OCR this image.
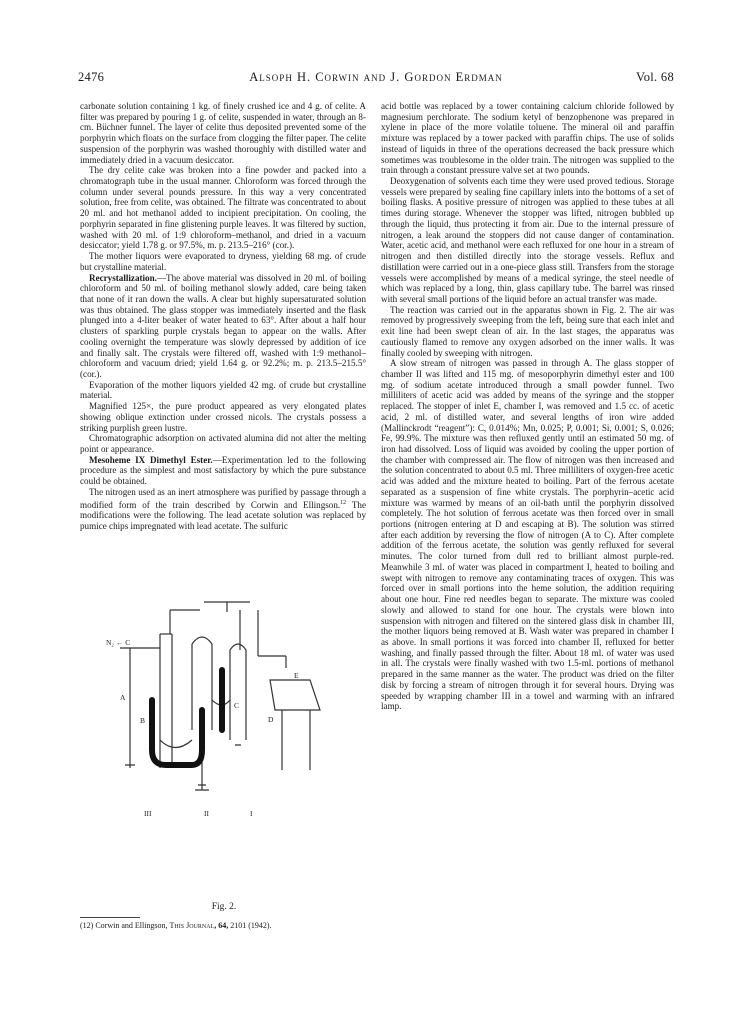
2476	Alsoph H. Corwin and J. Gordon Erdman	Vol. 68

carbonate solution containing 1 kg. of finely crushed ice and 4 g. of celite. A filter was prepared by pouring 1 g. of celite, suspended in water, through an 8-cm. Büchner funnel. The layer of celite thus deposited prevented some of the porphyrin which floats on the surface from clogging the filter paper. The celite suspension of the porphyrin was washed thoroughly with distilled water and immediately dried in a vacuum desiccator.

The dry celite cake was broken into a fine powder and packed into a chromatograph tube in the usual manner. Chloroform was forced through the column under several pounds pressure. In this way a very concentrated solution, free from celite, was obtained. The filtrate was concentrated to about 20 ml. and hot methanol added to incipient precipitation. On cooling, the porphyrin separated in fine glistening purple leaves. It was filtered by suction, washed with 20 ml. of 1:9 chloroform–methanol, and dried in a vacuum desiccator; yield 1.78 g. or 97.5%, m. p. 213.5–216° (cor.).

The mother liquors were evaporated to dryness, yielding 68 mg. of crude but crystalline material.

Recrystallization.—The above material was dissolved in 20 ml. of boiling chloroform and 50 ml. of boiling methanol slowly added, care being taken that none of it ran down the walls. A clear but highly supersaturated solution was thus obtained. The glass stopper was immediately inserted and the flask plunged into a 4-liter beaker of water heated to 63°. After about a half hour clusters of sparkling purple crystals began to appear on the walls. After cooling overnight the temperature was slowly depressed by addition of ice and finally salt. The crystals were filtered off, washed with 1:9 methanol–chloroform and vacuum dried; yield 1.64 g. or 92.2%; m. p. 213.5–215.5° (cor.).

Evaporation of the mother liquors yielded 42 mg. of crude but crystalline material.

Magnified 125×, the pure product appeared as very elongated plates showing oblique extinction under crossed nicols. The crystals possess a striking purplish green lustre.

Chromatographic adsorption on activated alumina did not alter the melting point or appearance.

Mesoheme IX Dimethyl Ester.—Experimentation led to the following procedure as the simplest and most satisfactory by which the pure substance could be obtained.

The nitrogen used as an inert atmosphere was purified by passage through a modified form of the train described by Corwin and Ellingson.$^{12}$ The modifications were the following. The lead acetate solution was replaced by pumice chips impregnated with lead acetate. The sulfuric

acid bottle was replaced by a tower containing calcium chloride followed by magnesium perchlorate. The sodium ketyl of benzophenone was prepared in xylene in place of the more volatile toluene. The mineral oil and paraffin mixture was replaced by a tower packed with paraffin chips. The use of solids instead of liquids in three of the operations decreased the back pressure which sometimes was troublesome in the older train. The nitrogen was supplied to the train through a constant pressure valve set at two pounds.

Deoxygenation of solvents each time they were used proved tedious. Storage vessels were prepared by sealing fine capillary inlets into the bottoms of a set of boiling flasks. A positive pressure of nitrogen was applied to these tubes at all times during storage. Whenever the stopper was lifted, nitrogen bubbled up through the liquid, thus protecting it from air. Due to the internal pressure of nitrogen, a leak around the stoppers did not cause danger of contamination. Water, acetic acid, and methanol were each refluxed for one hour in a stream of nitrogen and then distilled directly into the storage vessels. Reflux and distillation were carried out in a one-piece glass still. Transfers from the storage vessels were accomplished by means of a medical syringe, the steel needle of which was replaced by a long, thin, glass capillary tube. The barrel was rinsed with several small portions of the liquid before an actual transfer was made.

The reaction was carried out in the apparatus shown in Fig. 2. The air was removed by progressively sweeping from the left, being sure that each inlet and exit line had been swept clean of air. In the last stages, the apparatus was cautiously flamed to remove any oxygen adsorbed on the inner walls. It was finally cooled by sweeping with nitrogen.

A slow stream of nitrogen was passed in through A. The glass stopper of chamber II was lifted and 115 mg. of mesoporphyrin dimethyl ester and 100 mg. of sodium acetate introduced through a small powder funnel. Two milliliters of acetic acid was added by means of the syringe and the stopper replaced. The stopper of inlet E, chamber I, was removed and 1.5 cc. of acetic acid, 2 ml. of distilled water, and several lengths of iron wire added (Mallinckrodt “reagent”): C, 0.014%; Mn, 0.025; P, 0.001; Si, 0.001; S, 0.026; Fe, 99.9%. The mixture was then refluxed gently until an estimated 50 mg. of iron had dissolved. Loss of liquid was avoided by cooling the upper portion of the chamber with compressed air. The flow of nitrogen was then increased and the solution concentrated to about 0.5 ml. Three milliliters of oxygen-free acetic acid was added and the mixture heated to boiling. Part of the ferrous acetate separated as a suspension of fine white crystals. The porphyrin–acetic acid mixture was warmed by means of an oil-bath until the porphyrin dissolved completely. The hot solution of ferrous acetate was then forced over in small portions (nitrogen entering at D and escaping at B). The solution was stirred after each addition by reversing the flow of nitrogen (A to C). After complete addition of the ferrous acetate, the solution was gently refluxed for several minutes. The color turned from dull red to brilliant almost purple-red. Meanwhile 3 ml. of water was placed in compartment I, heated to boiling and swept with nitrogen to remove any contaminating traces of oxygen. This was forced over in small portions into the heme solution, the addition requiring about one hour. Fine red needles began to separate. The mixture was cooled slowly and allowed to stand for one hour. The crystals were blown into suspension with nitrogen and filtered on the sintered glass disk in chamber III, the mother liquors being removed at B. Wash water was prepared in chamber I as above. In small portions it was forced into chamber II, refluxed for better washing, and finally passed through the filter. About 18 ml. of water was used in all. The crystals were finally washed with two 1.5-ml. portions of methanol prepared in the same manner as the water. The product was dried on the filter disk by forcing a stream of nitrogen through it for several hours. Drying was speeded by wrapping chamber III in a towel and warming with an infrared lamp.

N₂ ← C
A
B
C
D
E
I
II
III
Fig. 2.
(12) Corwin and Ellingson, This Journal, 64, 2101 (1942).
